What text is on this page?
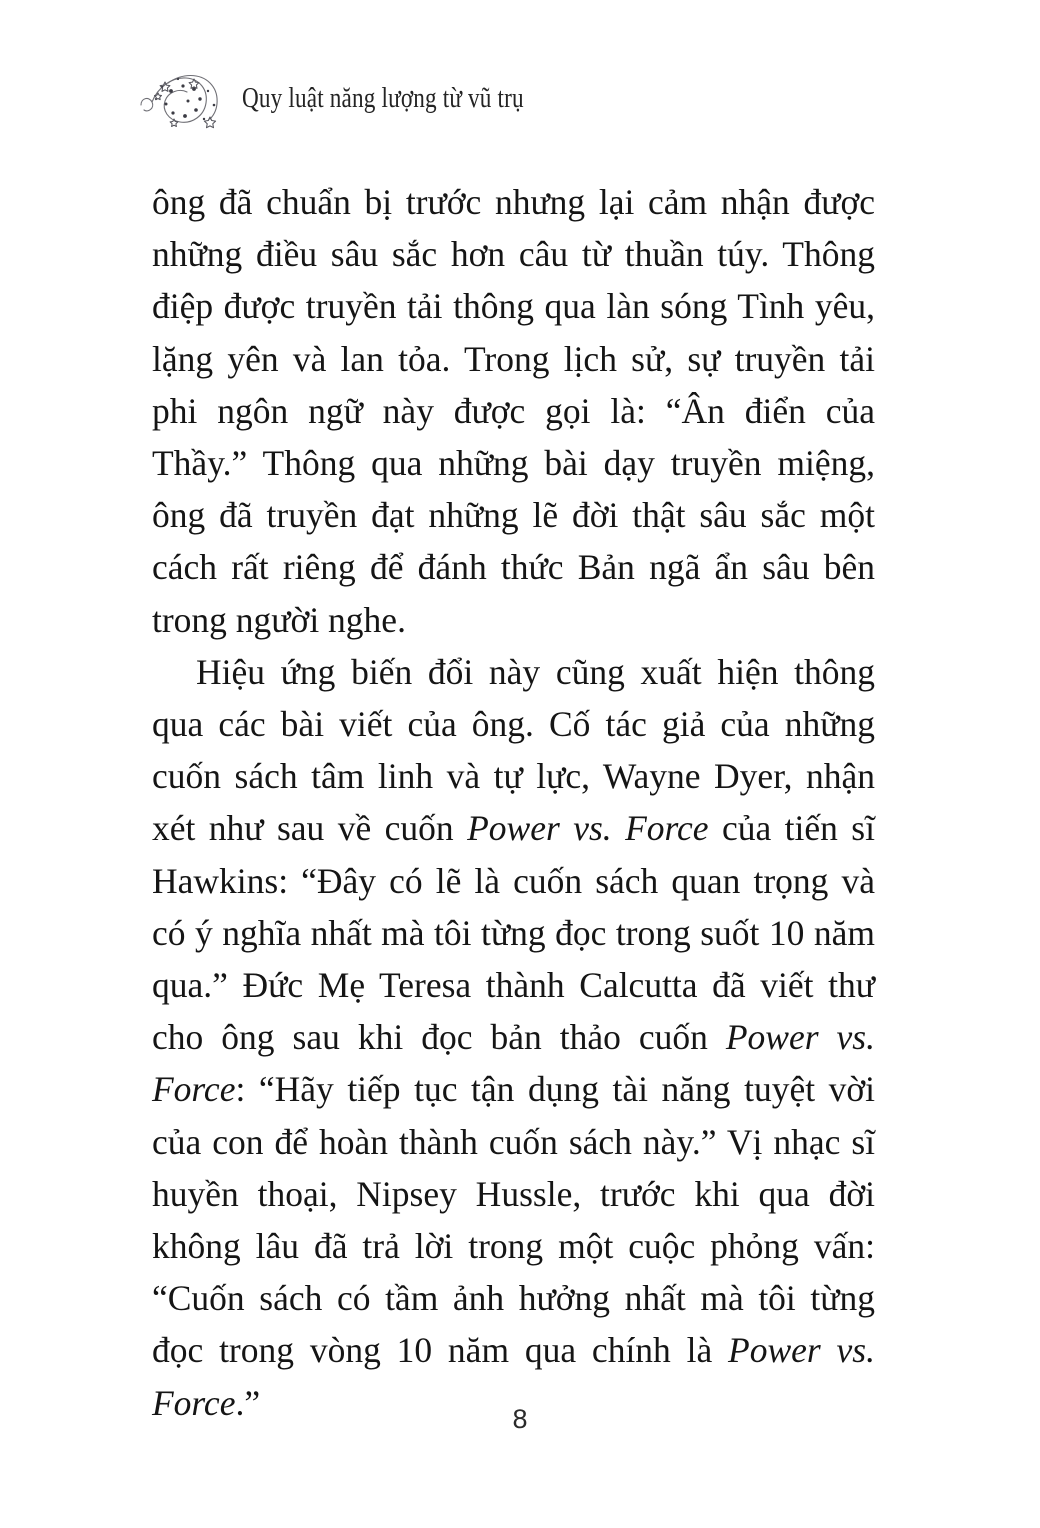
Quy luật năng lượng từ vũ trụ

ông đã chuẩn bị trước nhưng lại cảm nhận được những điều sâu sắc hơn câu từ thuần túy. Thông điệp được truyền tải thông qua làn sóng Tình yêu, lặng yên và lan tỏa. Trong lịch sử, sự truyền tải phi ngôn ngữ này được gọi là: “Ân điển của Thầy.” Thông qua những bài dạy truyền miệng, ông đã truyền đạt những lẽ đời thật sâu sắc một cách rất riêng để đánh thức Bản ngã ẩn sâu bên trong người nghe.

Hiệu ứng biến đổi này cũng xuất hiện thông qua các bài viết của ông. Cố tác giả của những cuốn sách tâm linh và tự lực, Wayne Dyer, nhận xét như sau về cuốn Power vs. Force của tiến sĩ Hawkins: “Đây có lẽ là cuốn sách quan trọng và có ý nghĩa nhất mà tôi từng đọc trong suốt 10 năm qua.” Đức Mẹ Teresa thành Calcutta đã viết thư cho ông sau khi đọc bản thảo cuốn Power vs. Force: “Hãy tiếp tục tận dụng tài năng tuyệt vời của con để hoàn thành cuốn sách này.” Vị nhạc sĩ huyền thoại, Nipsey Hussle, trước khi qua đời không lâu đã trả lời trong một cuộc phỏng vấn: “Cuốn sách có tầm ảnh hưởng nhất mà tôi từng đọc trong vòng 10 năm qua chính là Power vs. Force.”	8
